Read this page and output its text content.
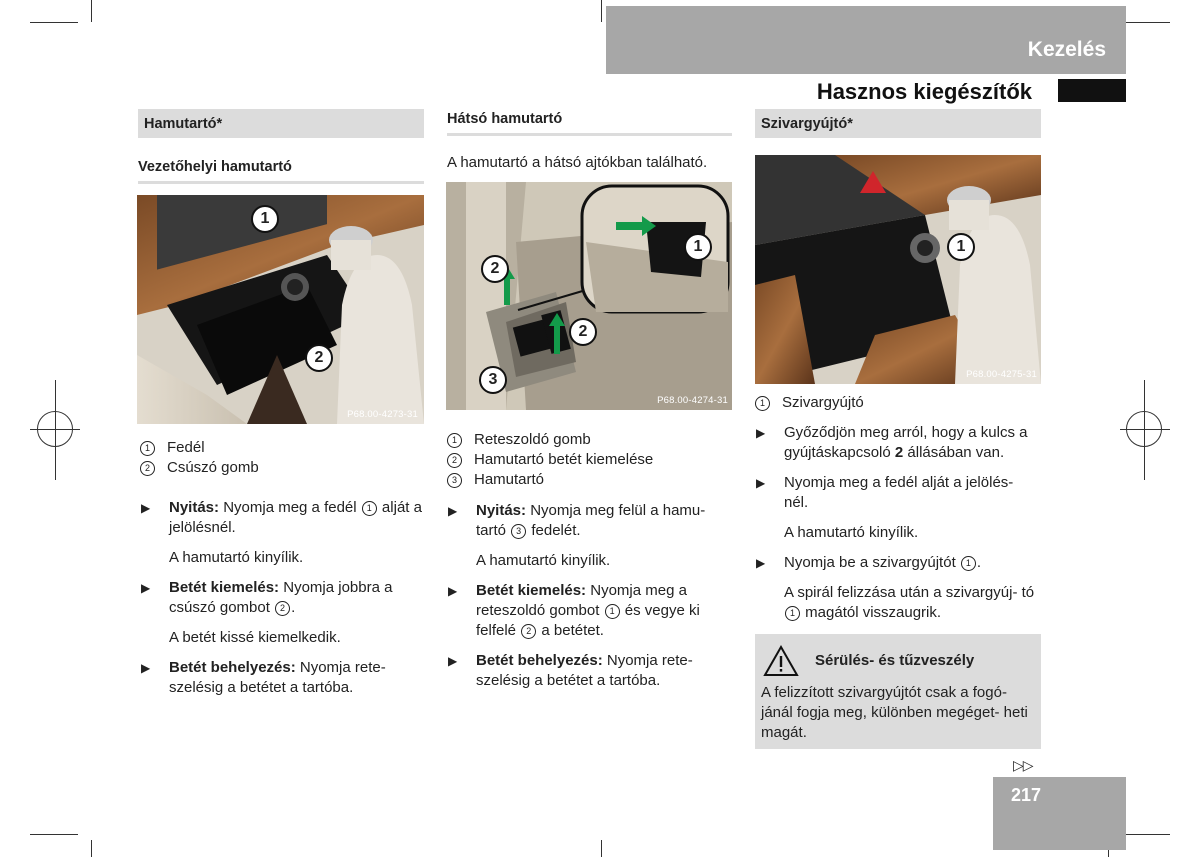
Kezelés
Hasznos kiegészítők
Hamutartó*
Vezetőhelyi hamutartó
1
2
P68.00-4273-31
1	Fedél
2	Csúszó gomb
▶ Nyitás: Nyomja meg a fedél 1 alját a jelölésnél.
A hamutartó kinyílik.
▶ Betét kiemelés: Nyomja jobbra a csúszó gombot 2 .
A betét kissé kiemelkedik.
▶ Betét behelyezés: Nyomja rete- szelésig a betétet a tartóba.
Hátsó hamutartó
A hamutartó a hátsó ajtókban található.
1
2
2
3
P68.00-4274-31
1	Reteszoldó gomb
2	Hamutartó betét kiemelése
3	Hamutartó
▶ Nyitás: Nyomja meg felül a hamu- tartó 3 fedelét.
A hamutartó kinyílik.
▶ Betét kiemelés: Nyomja meg a reteszoldó gombot 1 és vegye ki felfelé 2 a betétet.
▶ Betét behelyezés: Nyomja rete- szelésig a betétet a tartóba.
Szivargyújtó*
1
P68.00-4275-31
1	Szivargyújtó
▶ Győződjön meg arról, hogy a kulcs a gyújtáskapcsoló 2 állásában van.
▶ Nyomja meg a fedél alját a jelölés- nél.
A hamutartó kinyílik.
▶ Nyomja be a szivargyújtót 1 .
A spirál felizzása után a szivargyúj- tó 1 magától visszaugrik.
Sérülés- és tűzveszély
A felizzított szivargyújtót csak a fogó- jánál fogja meg, különben megéget- heti magát.
▷▷
217
